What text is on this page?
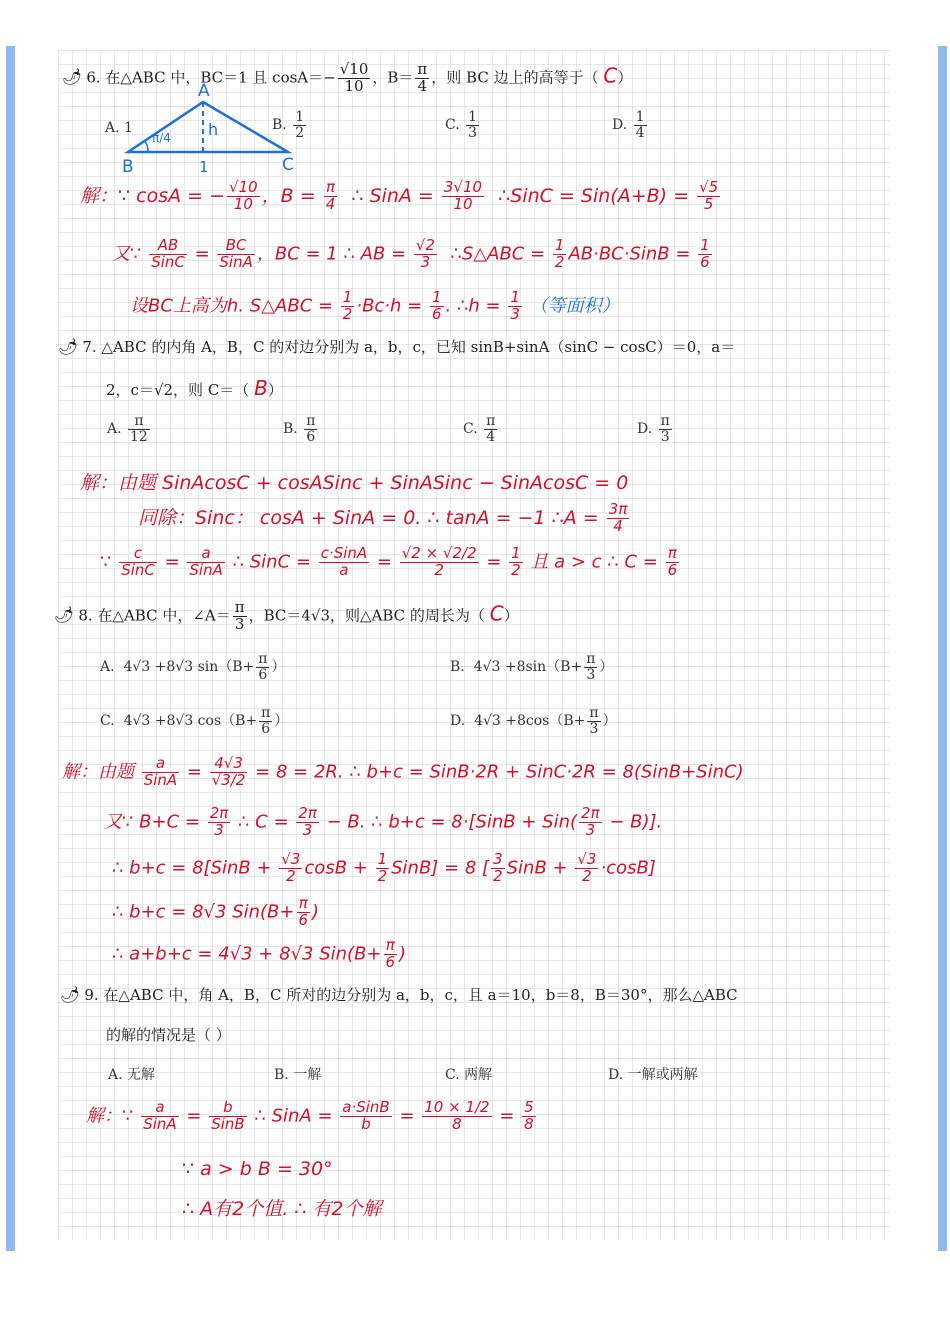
🌶 6. 在△ABC 中，BC＝1 且 $\cos A=- \frac{√10}{10}$ ，$B= \frac{\pi}{4}$ ，则 BC 边上的高等于（ C）
A
B	C
h
π/4
1
A. 1	B. $\frac{1}{2}$	C. $\frac{1}{3}$	D. $\frac{1}{4}$
解：∵ cosA = − $\frac{√10}{10}$ ，$B = \frac{\pi}{4}$ ∴ SinA = $\frac{3√10}{10}$ ∴SinC = $Sin(A+B) = \frac{√5}{5}$
又∵ $\frac{AB}{\text{SinC}} = \frac{BC}{\text{SinA}}$ ，BC = 1 ∴ AB = $\frac{√2}{3}$ ∴S△ABC = $\frac{1}{2}$ AB·BC·SinB = $\frac{1}{6}$
设BC上高为h. S△ABC = $\frac{1}{2} \cdot Bc\cdot h = \frac{1}{6}$ . ∴h = $\frac{1}{3}$ （等面积）
🌶 7. △ABC 的内角 A，B，C 的对边分别为 a，b，c，已知 sinB+sinA（sinC − cosC）＝0，a＝
2，c＝√2，则 C＝（ B）
A. $\frac{\pi}{12}$	B. $\frac{\pi}{6}$	C. $\frac{\pi}{4}$	D. $\frac{\pi}{3}$
解：由题 SinAcosC + cosASinc + SinASinc − SinAcosC = 0
同除：Sinc： cosA + SinA = 0. ∴ tanA = −1 ∴A = $\frac{3\pi}{4}$
∵ $\frac{c}{\text{SinC}} = \frac{a}{\text{SinA}}$ ∴ SinC = $\frac{\text{c·SinA}}{a} = \frac{√2 \times √2/2}{2} = \frac{1}{2}$ 且 a > c ∴ $C = \frac{\pi}{6}$
🌶 8. 在△ABC 中，∠A＝ $\frac{\pi}{3}$ ，BC＝4√3，则△ABC 的周长为（ C）
A. 4√3 +8√3 $\sin(B+ \frac{\pi}{6}$ ）	B. $4√3 +8\sin(B+ \frac{\pi}{3}$ ）
C. 4√3 +8√3 $\cos(B+ \frac{\pi}{6}$ ）	D. $4√3 +8\cos(B+ \frac{\pi}{3}$ ）
解：由题 $\frac{a}{\text{SinA}} = \frac{4√3}{√3/2} = 8 = 2R$. ∴ b+c = SinB·2R + SinC·2R = 8(SinB+SinC)
又∵ $B+C = \frac{2\pi}{3}$ ∴ $C = \frac{2\pi}{3} - B$. ∴ b+c = 8·[SinB + $Sin( \frac{2\pi}{3} - B)$].
∴ b+c = 8[SinB + $\frac{√3}{2}$ $\cos B + \frac{1}{2}$ SinB] = 8 [ $\frac{3}{2}$ SinB + $\frac{√3}{2} \cdot\cos B$]
∴ b+c = 8√3 $Sin(B+ \frac{\pi}{6}$ )
∴ a+b+c = 4√3 + 8√3 $Sin(B+ \frac{\pi}{6}$ )
🌶 9. 在△ABC 中，角 A，B，C 所对的边分别为 a，b，c，且 a＝10，b＝8，B＝30°，那么△ABC
的解的情况是（ ）
A. 无解	B. 一解	C. 两解	D. 一解或两解
解：∵ $\frac{a}{\text{SinA}} = \frac{b}{\text{SinB}}$ ∴ SinA = $\frac{\text{a·SinB}}{b} = \frac{10 \times 1/2}{8} = \frac{5}{8}$
∵ a > b B = 30°
∴ A有2个值. ∴ 有2个解
